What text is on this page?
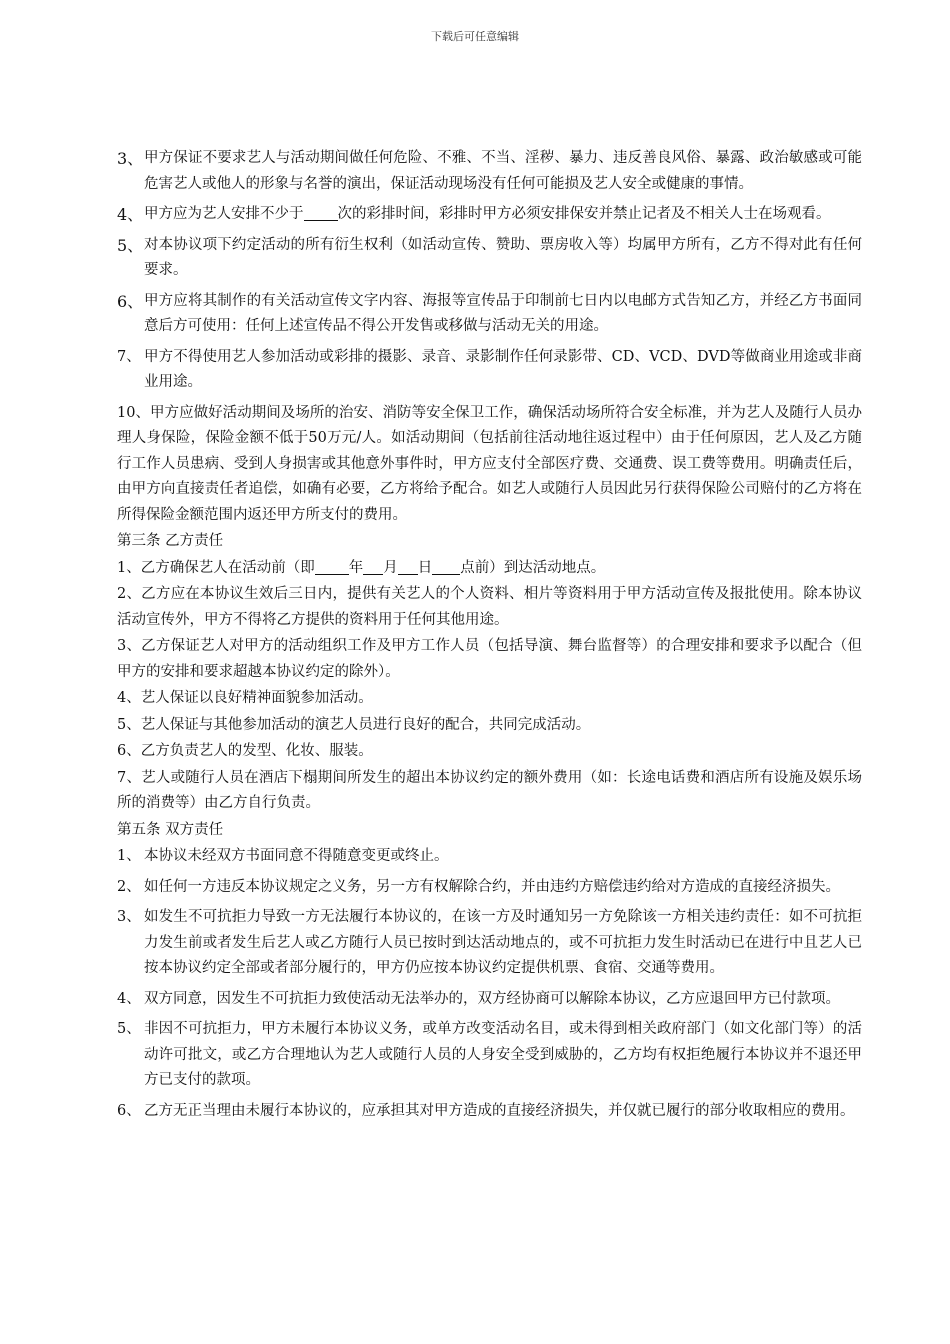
下载后可任意编辑
3、 甲方保证不要求艺人与活动期间做任何危险、不雅、不当、淫秽、暴力、违反善良风俗、暴露、政治敏感或可能危害艺人或他人的形象与名誉的演出，保证活动现场没有任何可能损及艺人安全或健康的事情。
4、 甲方应为艺人安排不少于 次的彩排时间，彩排时甲方必须安排保安并禁止记者及不相关人士在场观看。
5、 对本协议项下约定活动的所有衍生权利（如活动宣传、赞助、票房收入等）均属甲方所有，乙方不得对此有任何要求。
6、 甲方应将其制作的有关活动宣传文字内容、海报等宣传品于印制前七日内以电邮方式告知乙方，并经乙方书面同意后方可使用：任何上述宣传品不得公开发售或移做与活动无关的用途。
7、 甲方不得使用艺人参加活动或彩排的摄影、录音、录影制作任何录影带、CD、VCD、DVD等做商业用途或非商业用途。
10、甲方应做好活动期间及场所的治安、消防等安全保卫工作，确保活动场所符合安全标准，并为艺人及随行人员办理人身保险，保险金额不低于50万元/人。如活动期间（包括前往活动地往返过程中）由于任何原因，艺人及乙方随行工作人员患病、受到人身损害或其他意外事件时，甲方应支付全部医疗费、交通费、误工费等费用。明确责任后，由甲方向直接责任者追偿，如确有必要，乙方将给予配合。如艺人或随行人员因此另行获得保险公司赔付的乙方将在所得保险金额范围内返还甲方所支付的费用。
第三条 乙方责任
1、乙方确保艺人在活动前（即 年 月 日 点前）到达活动地点。
2、乙方应在本协议生效后三日内，提供有关艺人的个人资料、相片等资料用于甲方活动宣传及报批使用。除本协议活动宣传外，甲方不得将乙方提供的资料用于任何其他用途。
3、乙方保证艺人对甲方的活动组织工作及甲方工作人员（包括导演、舞台监督等）的合理安排和要求予以配合（但甲方的安排和要求超越本协议约定的除外）。
4、艺人保证以良好精神面貌参加活动。
5、艺人保证与其他参加活动的演艺人员进行良好的配合，共同完成活动。
6、乙方负责艺人的发型、化妆、服装。
7、艺人或随行人员在酒店下榻期间所发生的超出本协议约定的额外费用（如：长途电话费和酒店所有设施及娱乐场所的消费等）由乙方自行负责。
第五条 双方责任
1、 本协议未经双方书面同意不得随意变更或终止。
2、 如任何一方违反本协议规定之义务，另一方有权解除合约，并由违约方赔偿违约给对方造成的直接经济损失。
3、 如发生不可抗拒力导致一方无法履行本协议的，在该一方及时通知另一方免除该一方相关违约责任：如不可抗拒力发生前或者发生后艺人或乙方随行人员已按时到达活动地点的，或不可抗拒力发生时活动已在进行中且艺人已按本协议约定全部或者部分履行的，甲方仍应按本协议约定提供机票、食宿、交通等费用。
4、 双方同意，因发生不可抗拒力致使活动无法举办的，双方经协商可以解除本协议，乙方应退回甲方已付款项。
5、 非因不可抗拒力，甲方未履行本协议义务，或单方改变活动名目，或未得到相关政府部门（如文化部门等）的活动许可批文，或乙方合理地认为艺人或随行人员的人身安全受到威胁的，乙方均有权拒绝履行本协议并不退还甲方已支付的款项。
6、 乙方无正当理由未履行本协议的，应承担其对甲方造成的直接经济损失，并仅就已履行的部分收取相应的费用。
